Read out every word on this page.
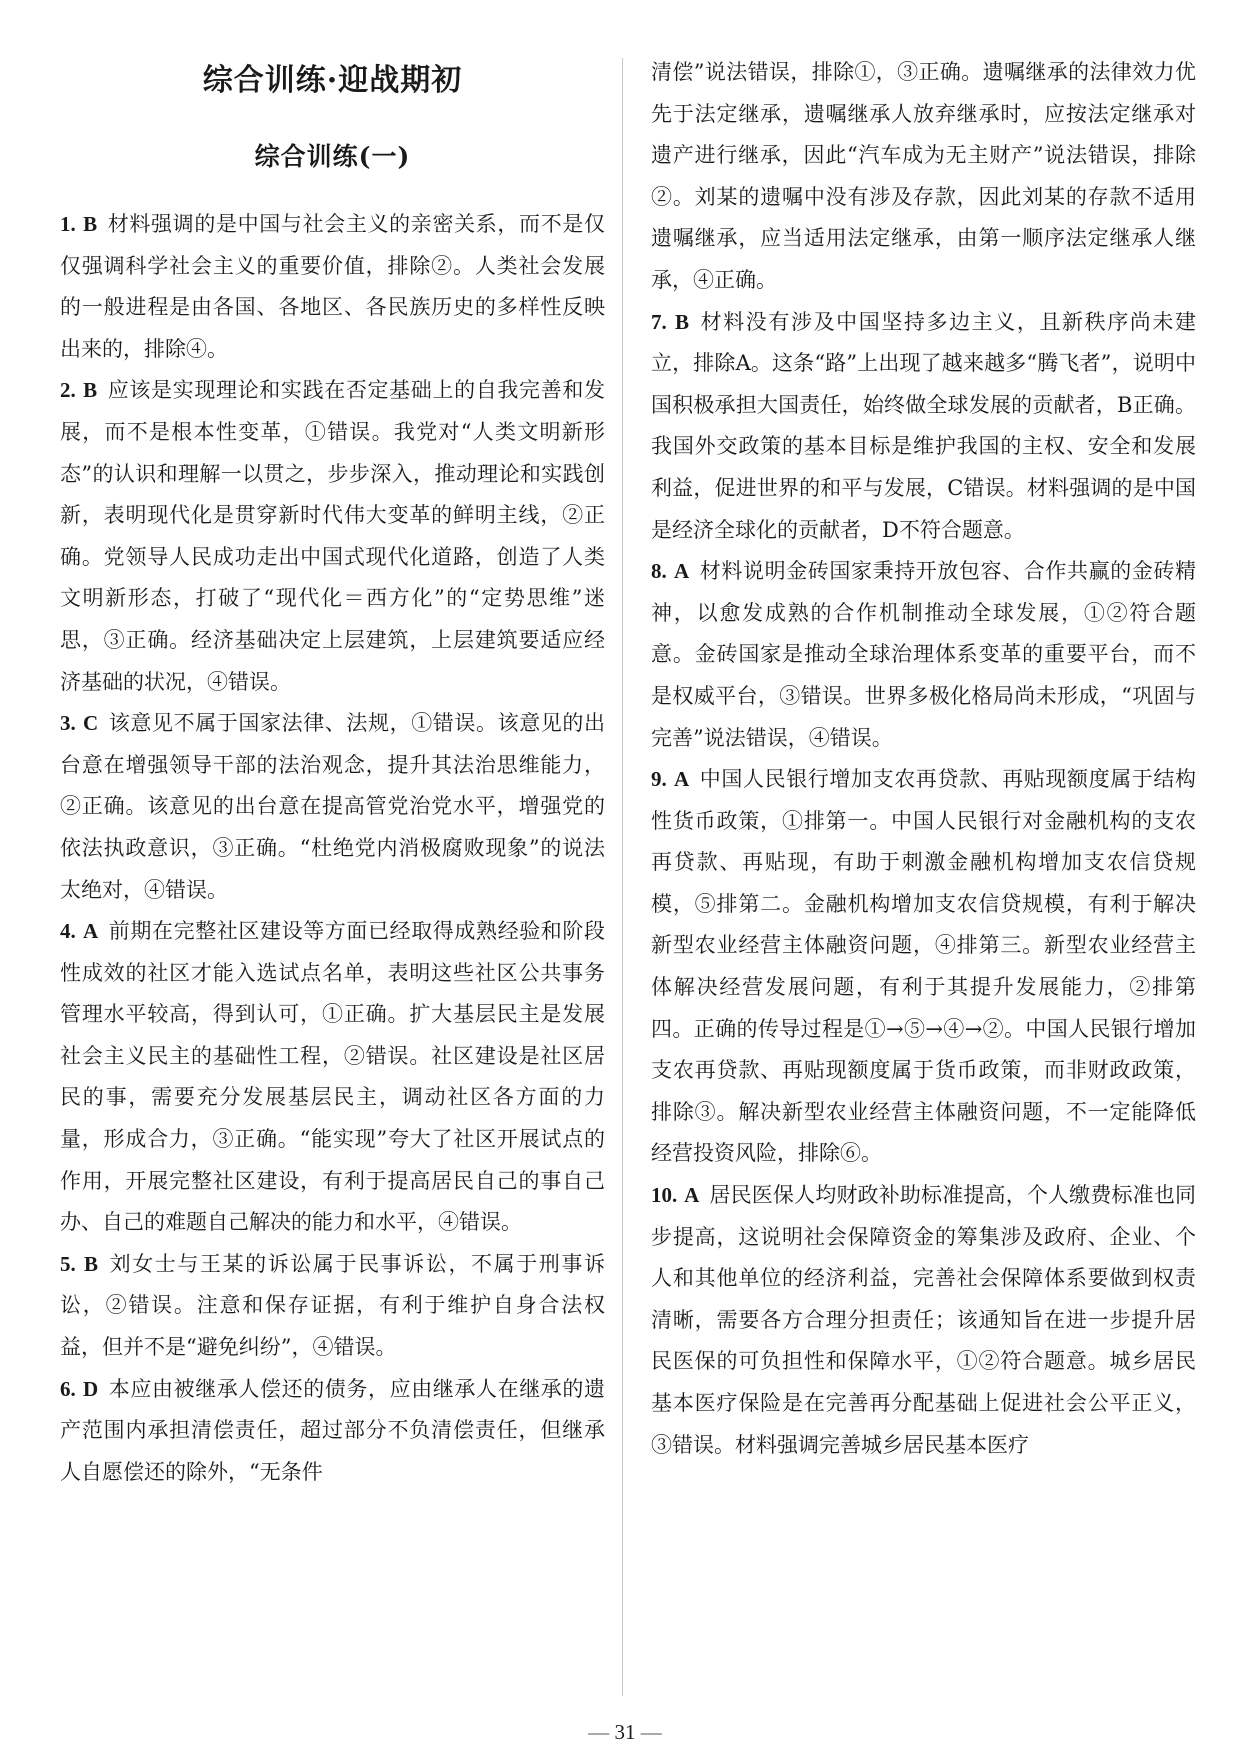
综合训练·迎战期初
综合训练(一)

1. B 材料强调的是中国与社会主义的亲密关系，而不是仅仅强调科学社会主义的重要价值，排除②。人类社会发展的一般进程是由各国、各地区、各民族历史的多样性反映出来的，排除④。

2. B 应该是实现理论和实践在否定基础上的自我完善和发展，而不是根本性变革，①错误。我党对“人类文明新形态”的认识和理解一以贯之，步步深入，推动理论和实践创新，表明现代化是贯穿新时代伟大变革的鲜明主线，②正确。党领导人民成功走出中国式现代化道路，创造了人类文明新形态，打破了“现代化＝西方化”的“定势思维”迷思，③正确。经济基础决定上层建筑，上层建筑要适应经济基础的状况，④错误。

3. C 该意见不属于国家法律、法规，①错误。该意见的出台意在增强领导干部的法治观念，提升其法治思维能力，②正确。该意见的出台意在提高管党治党水平，增强党的依法执政意识，③正确。“杜绝党内消极腐败现象”的说法太绝对，④错误。

4. A 前期在完整社区建设等方面已经取得成熟经验和阶段性成效的社区才能入选试点名单，表明这些社区公共事务管理水平较高，得到认可，①正确。扩大基层民主是发展社会主义民主的基础性工程，②错误。社区建设是社区居民的事，需要充分发展基层民主，调动社区各方面的力量，形成合力，③正确。“能实现”夸大了社区开展试点的作用，开展完整社区建设，有利于提高居民自己的事自己办、自己的难题自己解决的能力和水平，④错误。

5. B 刘女士与王某的诉讼属于民事诉讼，不属于刑事诉讼，②错误。注意和保存证据，有利于维护自身合法权益，但并不是“避免纠纷”，④错误。

6. D 本应由被继承人偿还的债务，应由继承人在继承的遗产范围内承担清偿责任，超过部分不负清偿责任，但继承人自愿偿还的除外，“无条件

清偿”说法错误，排除①，③正确。遗嘱继承的法律效力优先于法定继承，遗嘱继承人放弃继承时，应按法定继承对遗产进行继承，因此“汽车成为无主财产”说法错误，排除②。刘某的遗嘱中没有涉及存款，因此刘某的存款不适用遗嘱继承，应当适用法定继承，由第一顺序法定继承人继承，④正确。

7. B 材料没有涉及中国坚持多边主义，且新秩序尚未建立，排除A。这条“路”上出现了越来越多“腾飞者”，说明中国积极承担大国责任，始终做全球发展的贡献者，B正确。我国外交政策的基本目标是维护我国的主权、安全和发展利益，促进世界的和平与发展，C错误。材料强调的是中国是经济全球化的贡献者，D不符合题意。

8. A 材料说明金砖国家秉持开放包容、合作共赢的金砖精神，以愈发成熟的合作机制推动全球发展，①②符合题意。金砖国家是推动全球治理体系变革的重要平台，而不是权威平台，③错误。世界多极化格局尚未形成，“巩固与完善”说法错误，④错误。

9. A 中国人民银行增加支农再贷款、再贴现额度属于结构性货币政策，①排第一。中国人民银行对金融机构的支农再贷款、再贴现，有助于刺激金融机构增加支农信贷规模，⑤排第二。金融机构增加支农信贷规模，有利于解决新型农业经营主体融资问题，④排第三。新型农业经营主体解决经营发展问题，有利于其提升发展能力，②排第四。正确的传导过程是①→⑤→④→②。中国人民银行增加支农再贷款、再贴现额度属于货币政策，而非财政政策，排除③。解决新型农业经营主体融资问题，不一定能降低经营投资风险，排除⑥。

10. A 居民医保人均财政补助标准提高，个人缴费标准也同步提高，这说明社会保障资金的筹集涉及政府、企业、个人和其他单位的经济利益，完善社会保障体系要做到权责清晰，需要各方合理分担责任；该通知旨在进一步提升居民医保的可负担性和保障水平，①②符合题意。城乡居民基本医疗保险是在完善再分配基础上促进社会公平正义，③错误。材料强调完善城乡居民基本医疗

— 31 —
